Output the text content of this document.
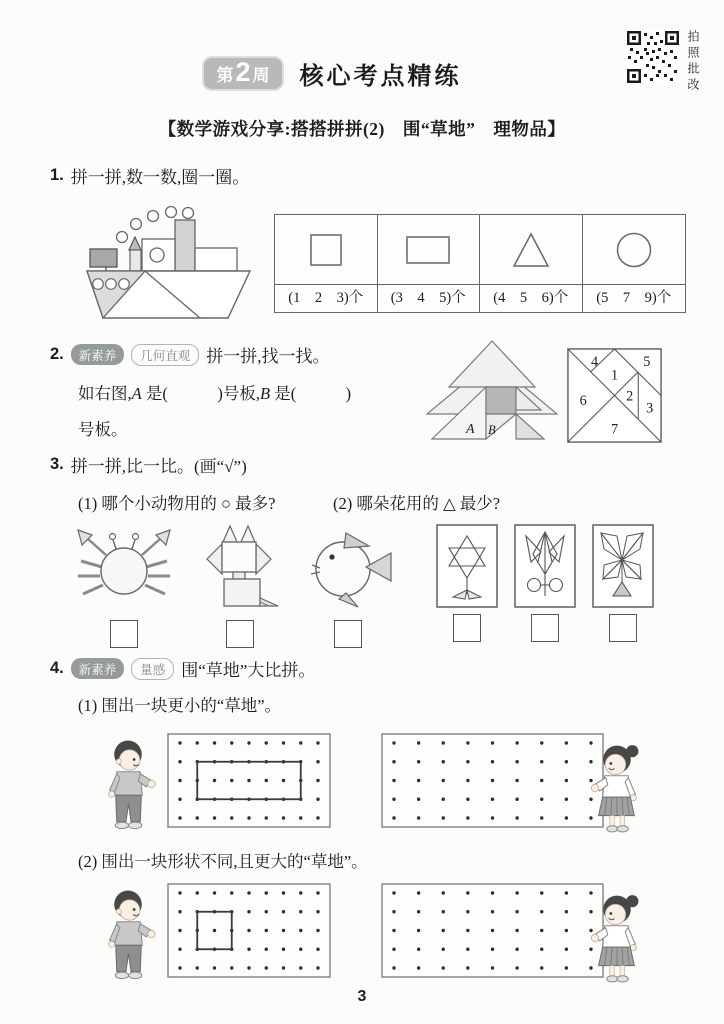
第 2 周 核心考点精练	拍照批改
【数学游戏分享:搭搭拼拼(2)　围“草地”　理物品】
1. 拼一拼,数一数,圈一圈。
(1　2　3)个	(3　4　5)个	(4　5　6)个	(5　7　9)个
2.	新素养	几何直观 拼一拼,找一找。
如右图,A 是(　　　)号板,B 是(　　　)
号板。	A B
4
1
5
6	2
3
7
3. 拼一拼,比一比。(画“√”)
(1) 哪个小动物用的 ○ 最多?	(2) 哪朵花用的 △ 最少?
4.	新素养	量感 围“草地”大比拼。
(1) 围出一块更小的“草地”。
(2) 围出一块形状不同,且更大的“草地”。
3
